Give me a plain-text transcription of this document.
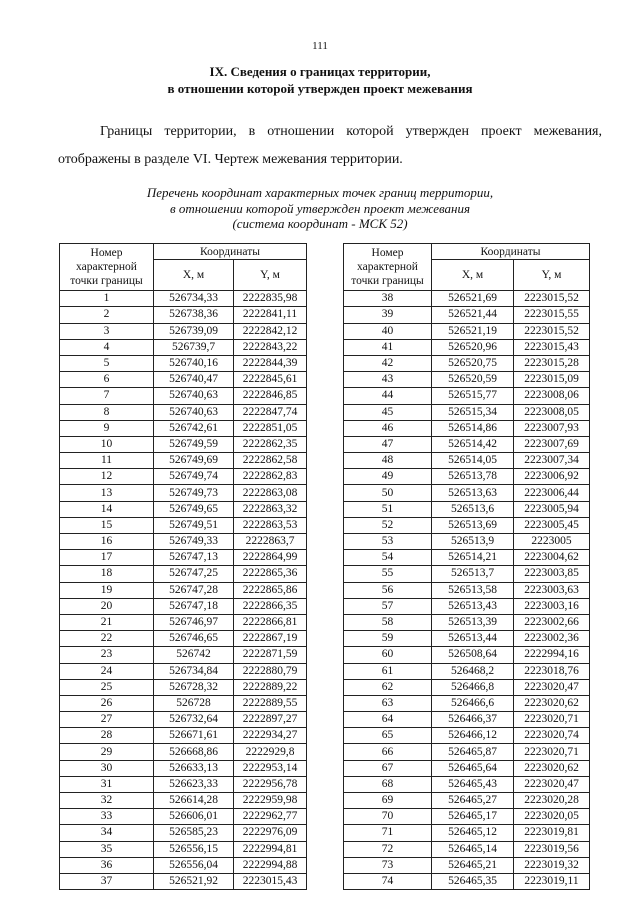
111
IX. Сведения о границах территории,
в отношении которой утвержден проект межевания
Границы территории, в отношении которой утвержден проект межевания,
отображены в разделе VI. Чертеж межевания территории.
Перечень координат характерных точек границ территории,
в отношении которой утвержден проект межевания
(система координат - МСК 52)
Номер
характерной
точки границы	Координаты	
	X, м	Y, м
1	526734,33	2222835,98
2	526738,36	2222841,11
3	526739,09	2222842,12
4	526739,7	2222843,22
5	526740,16	2222844,39
6	526740,47	2222845,61
7	526740,63	2222846,85
8	526740,63	2222847,74
9	526742,61	2222851,05
10	526749,59	2222862,35
11	526749,69	2222862,58
12	526749,74	2222862,83
13	526749,73	2222863,08
14	526749,65	2222863,32
15	526749,51	2222863,53
16	526749,33	2222863,7
17	526747,13	2222864,99
18	526747,25	2222865,36
19	526747,28	2222865,86
20	526747,18	2222866,35
21	526746,97	2222866,81
22	526746,65	2222867,19
23	526742	2222871,59
24	526734,84	2222880,79
25	526728,32	2222889,22
26	526728	2222889,55
27	526732,64	2222897,27
28	526671,61	2222934,27
29	526668,86	2222929,8
30	526633,13	2222953,14
31	526623,33	2222956,78
32	526614,28	2222959,98
33	526606,01	2222962,77
34	526585,23	2222976,09
35	526556,15	2222994,81
36	526556,04	2222994,88
37	526521,92	2223015,43
Номер
характерной
точки границы	Координаты	
	X, м	Y, м
38	526521,69	2223015,52
39	526521,44	2223015,55
40	526521,19	2223015,52
41	526520,96	2223015,43
42	526520,75	2223015,28
43	526520,59	2223015,09
44	526515,77	2223008,06
45	526515,34	2223008,05
46	526514,86	2223007,93
47	526514,42	2223007,69
48	526514,05	2223007,34
49	526513,78	2223006,92
50	526513,63	2223006,44
51	526513,6	2223005,94
52	526513,69	2223005,45
53	526513,9	2223005
54	526514,21	2223004,62
55	526513,7	2223003,85
56	526513,58	2223003,63
57	526513,43	2223003,16
58	526513,39	2223002,66
59	526513,44	2223002,36
60	526508,64	2222994,16
61	526468,2	2223018,76
62	526466,8	2223020,47
63	526466,6	2223020,62
64	526466,37	2223020,71
65	526466,12	2223020,74
66	526465,87	2223020,71
67	526465,64	2223020,62
68	526465,43	2223020,47
69	526465,27	2223020,28
70	526465,17	2223020,05
71	526465,12	2223019,81
72	526465,14	2223019,56
73	526465,21	2223019,32
74	526465,35	2223019,11
